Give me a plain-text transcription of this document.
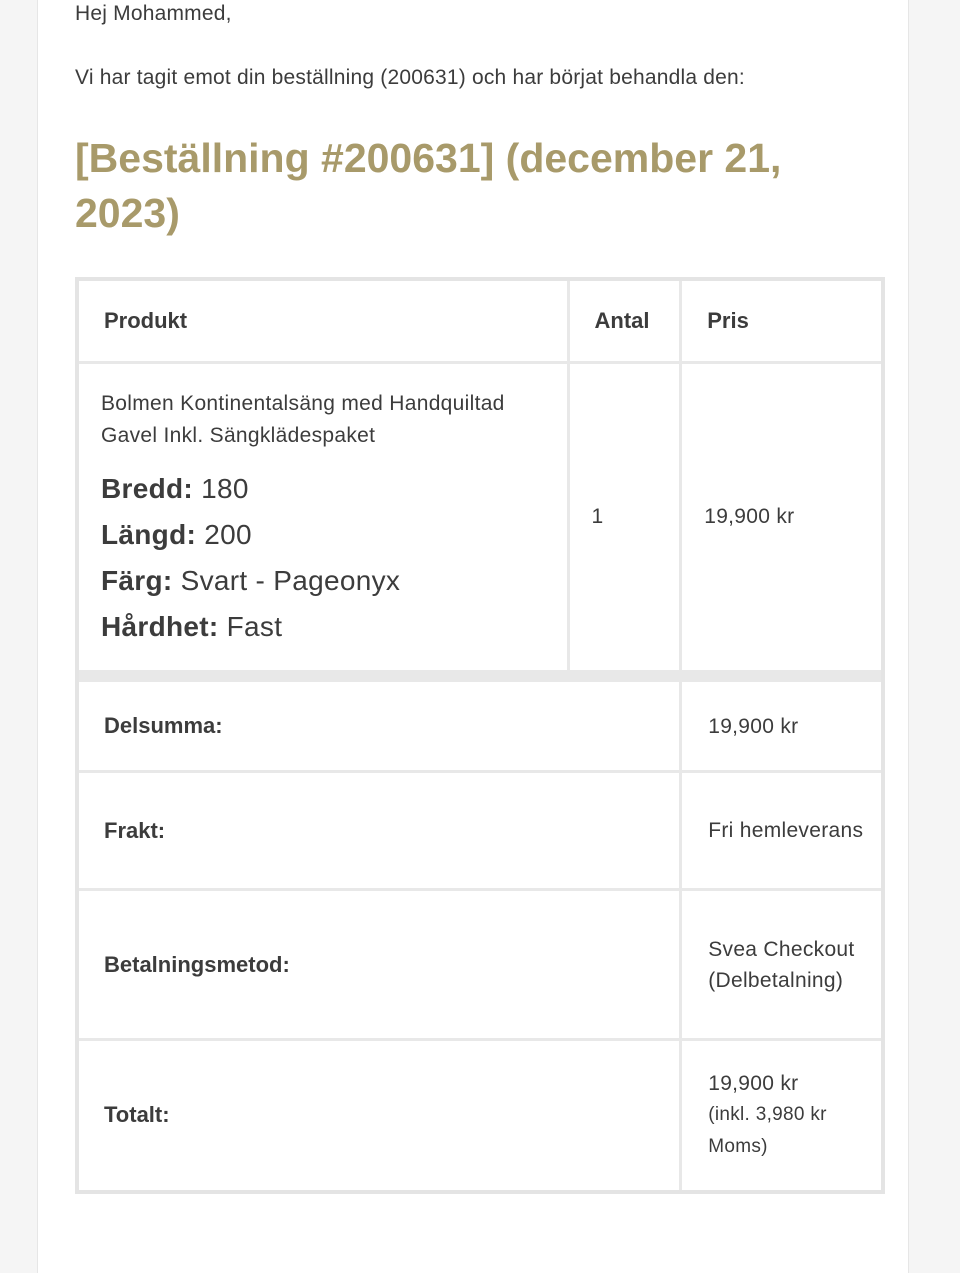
Hej Mohammed,
Vi har tagit emot din beställning (200631) och har börjat behandla den:
[Beställning #200631] (december 21, 2023)
Produkt	Antal	Pris

Bolmen Kontinentalsäng med Handquiltad Gavel Inkl. Sängklädespaket
Bredd: 180
Längd: 200
Färg: Svart - Pageonyx
Hårdhet: Fast	1	19,900 kr

Delsumma:		19,900 kr
Frakt:		Fri hemleverans
Betalningsmetod:		Svea Checkout (Delbetalning)
Totalt:		19,900 kr
(inkl. 3,980 kr Moms)
